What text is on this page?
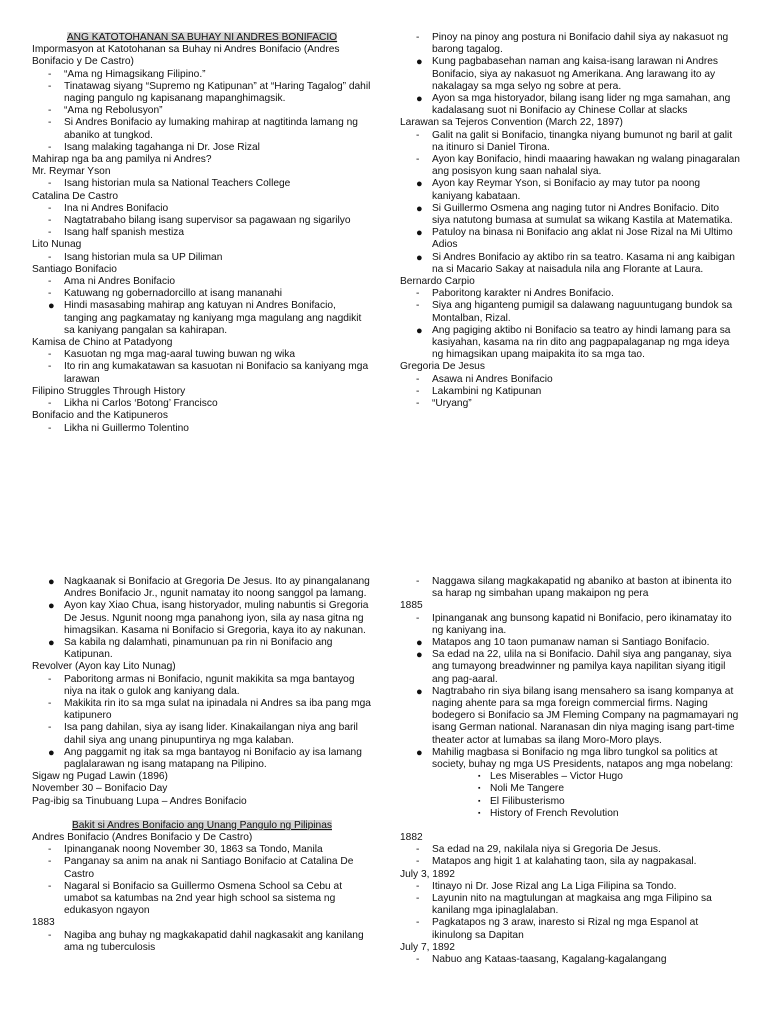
ANG KATOTOHANAN SA BUHAY NI ANDRES BONIFACIO
Impormasyon at Katotohanan sa Buhay ni Andres Bonifacio (Andres Bonifacio y De Castro)
-	“Ama ng Himagsikang Filipino.”
-	Tinatawag siyang “Supremo ng Katipunan” at “Haring Tagalog” dahil naging pangulo ng kapisanang mapanghimagsik.
-	“Ama ng Rebolusyon”
-	Si Andres Bonifacio ay lumaking mahirap at nagtitinda lamang ng abaniko at tungkod.
-	Isang malaking tagahanga ni Dr. Jose Rizal
Mahirap nga ba ang pamilya ni Andres?
Mr. Reymar Yson
-	Isang historian mula sa National Teachers College
Catalina De Castro
-	Ina ni Andres Bonifacio
-	Nagtatrabaho bilang isang supervisor sa pagawaan ng sigarilyo
-	Isang half spanish mestiza
Lito Nunag
-	Isang historian mula sa UP Diliman
Santiago Bonifacio
-	Ama ni Andres Bonifacio
-	Katuwang ng gobernadorcillo at isang mananahi
● Hindi masasabing mahirap ang katuyan ni Andres Bonifacio, tanging ang pagkamatay ng kaniyang mga magulang ang nagdikit sa kaniyang pangalan sa kahirapan.
Kamisa de Chino at Patadyong
-	Kasuotan ng mga mag-aaral tuwing buwan ng wika
-	Ito rin ang kumakatawan sa kasuotan ni Bonifacio sa kaniyang mga larawan
Filipino Struggles Through History
-	Likha ni Carlos ‘Botong’ Francisco
Bonifacio and the Katipuneros
-	Likha ni Guillermo Tolentino
-	Pinoy na pinoy ang postura ni Bonifacio dahil siya ay nakasuot ng barong tagalog.
● Kung pagbabasehan naman ang kaisa-isang larawan ni Andres Bonifacio, siya ay nakasuot ng Amerikana. Ang larawang ito ay nakalagay sa mga selyo ng sobre at pera.
● Ayon sa mga historyador, bilang isang lider ng mga samahan, ang kadalasang suot ni Bonifacio ay Chinese Collar at slacks
Larawan sa Tejeros Convention (March 22, 1897)
-	Galit na galit si Bonifacio, tinangka niyang bumunot ng baril at galit na itinuro si Daniel Tirona.
-	Ayon kay Bonifacio, hindi maaaring hawakan ng walang pinagaralan ang posisyon kung saan nahalal siya.
● Ayon kay Reymar Yson, si Bonifacio ay may tutor pa noong kaniyang kabataan.
● Si Guillermo Osmena ang naging tutor ni Andres Bonifacio. Dito siya natutong bumasa at sumulat sa wikang Kastila at Matematika.
● Patuloy na binasa ni Bonifacio ang aklat ni Jose Rizal na Mi Ultimo Adios
● Si Andres Bonifacio ay aktibo rin sa teatro. Kasama ni ang kaibigan na si Macario Sakay at naisadula nila ang Florante at Laura.
Bernardo Carpio
-	Paboritong karakter ni Andres Bonifacio.
-	Siya ang higanteng pumigil sa dalawang naguuntugang bundok sa Montalban, Rizal.
● Ang pagiging aktibo ni Bonifacio sa teatro ay hindi lamang para sa kasiyahan, kasama na rin dito ang pagpapalaganap ng mga ideya ng himagsikan upang maipakita ito sa mga tao.
Gregoria De Jesus
-	Asawa ni Andres Bonifacio
-	Lakambini ng Katipunan
-	“Uryang”
● Nagkaanak si Bonifacio at Gregoria De Jesus. Ito ay pinangalanang Andres Bonifacio Jr., ngunit namatay ito noong sanggol pa lamang.
● Ayon kay Xiao Chua, isang historyador, muling nabuntis si Gregoria De Jesus. Ngunit noong mga panahong iyon, sila ay nasa gitna ng himagsikan. Kasama ni Bonifacio si Gregoria, kaya ito ay nakunan.
● Sa kabila ng dalamhati, pinamunuan pa rin ni Bonifacio ang Katipunan.
Revolver (Ayon kay Lito Nunag)
-	Paboritong armas ni Bonifacio, ngunit makikita sa mga bantayog niya na itak o gulok ang kaniyang dala.
-	Makikita rin ito sa mga sulat na ipinadala ni Andres sa iba pang mga katipunero
-	Isa pang dahilan, siya ay isang lider. Kinakailangan niya ang baril dahil siya ang unang pinupuntirya ng mga kalaban.
● Ang paggamit ng itak sa mga bantayog ni Bonifacio ay isa lamang paglalarawan ng isang matapang na Pilipino.
Sigaw ng Pugad Lawin (1896)
November 30 – Bonifacio Day
Pag-ibig sa Tinubuang Lupa – Andres Bonifacio
Bakit si Andres Bonifacio ang Unang Pangulo ng Pilipinas
Andres Bonifacio (Andres Bonifacio y De Castro)
-	Ipinanganak noong November 30, 1863 sa Tondo, Manila
-	Panganay sa anim na anak ni Santiago Bonifacio at Catalina De Castro
-	Nagaral si Bonifacio sa Guillermo Osmena School sa Cebu at umabot sa katumbas na 2nd year high school sa sistema ng edukasyon ngayon
1883
-	Nagiba ang buhay ng magkakapatid dahil nagkasakit ang kanilang ama ng tuberculosis
-	Naggawa silang magkakapatid ng abaniko at baston at ibinenta ito sa harap ng simbahan upang makaipon ng pera
1885
-	Ipinanganak ang bunsong kapatid ni Bonifacio, pero ikinamatay ito ng kaniyang ina.
● Matapos ang 10 taon pumanaw naman si Santiago Bonifacio.
● Sa edad na 22, ulila na si Bonifacio. Dahil siya ang panganay, siya ang tumayong breadwinner ng pamilya kaya napilitan siyang itigil ang pag-aaral.
● Nagtrabaho rin siya bilang isang mensahero sa isang kompanya at naging ahente para sa mga foreign commercial firms. Naging bodegero si Bonifacio sa JM Fleming Company na pagmamayari ng isang German national. Naranasan din niya maging isang part-time theater actor at lumabas sa ilang Moro-Moro plays.
● Mahilig magbasa si Bonifacio ng mga libro tungkol sa politics at society, buhay ng mga US Presidents, natapos ang mga nobelang:
▪ Les Miserables – Victor Hugo
▪ Noli Me Tangere
▪ El Filibusterismo
▪ History of French Revolution
1882
-	Sa edad na 29, nakilala niya si Gregoria De Jesus.
-	Matapos ang higit 1 at kalahating taon, sila ay nagpakasal.
July 3, 1892
-	Itinayo ni Dr. Jose Rizal ang La Liga Filipina sa Tondo.
-	Layunin nito na magtulungan at magkaisa ang mga Filipino sa kanilang mga ipinaglalaban.
-	Pagkatapos ng 3 araw, inaresto si Rizal ng mga Espanol at ikinulong sa Dapitan
July 7, 1892
-	Nabuo ang Kataas-taasang, Kagalang-kagalangang
